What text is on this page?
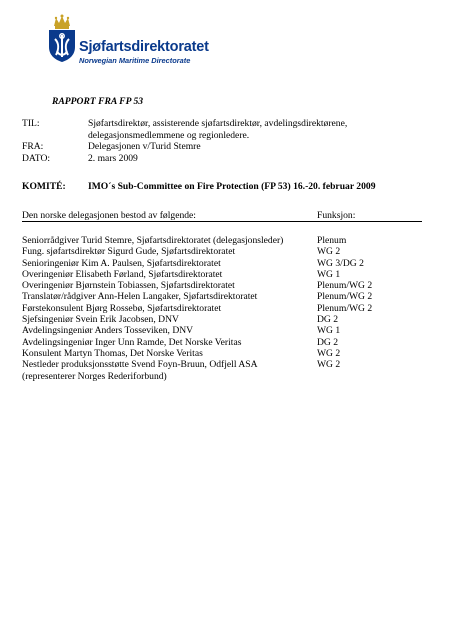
Sjøfartsdirektoratet
Norwegian Maritime Directorate
RAPPORT FRA FP 53
TIL:	Sjøfartsdirektør, assisterende sjøfartsdirektør, avdelingsdirektørene, delegasjonsmedlemmene og regionledere.
FRA:	Delegasjonen v/Turid Stemre
DATO:	2. mars 2009
KOMITÉ:	IMO´s Sub-Committee on Fire Protection (FP 53) 16.-20. februar 2009
Den norske delegasjonen bestod av følgende:	Funksjon:
Seniorrådgiver Turid Stemre, Sjøfartsdirektoratet (delegasjonsleder)	Plenum
Fung. sjøfartsdirektør Sigurd Gude, Sjøfartsdirektoratet	WG 2
Senioringeniør Kim A. Paulsen, Sjøfartsdirektoratet	WG 3/DG 2
Overingeniør Elisabeth Førland, Sjøfartsdirektoratet	WG 1
Overingeniør Bjørnstein Tobiassen, Sjøfartsdirektoratet	Plenum/WG 2
Translatør/rådgiver Ann-Helen Langaker, Sjøfartsdirektoratet	Plenum/WG 2
Førstekonsulent Bjørg Rossebø, Sjøfartsdirektoratet	Plenum/WG 2
Sjefsingeniør Svein Erik Jacobsen, DNV	DG 2
Avdelingsingeniør Anders Tosseviken, DNV	WG 1
Avdelingsingeniør Inger Unn Ramde, Det Norske Veritas	DG 2
Konsulent Martyn Thomas, Det Norske Veritas	WG 2
Nestleder produksjonsstøtte Svend Foyn-Bruun, Odfjell ASA	WG 2
(representerer Norges Rederiforbund)
